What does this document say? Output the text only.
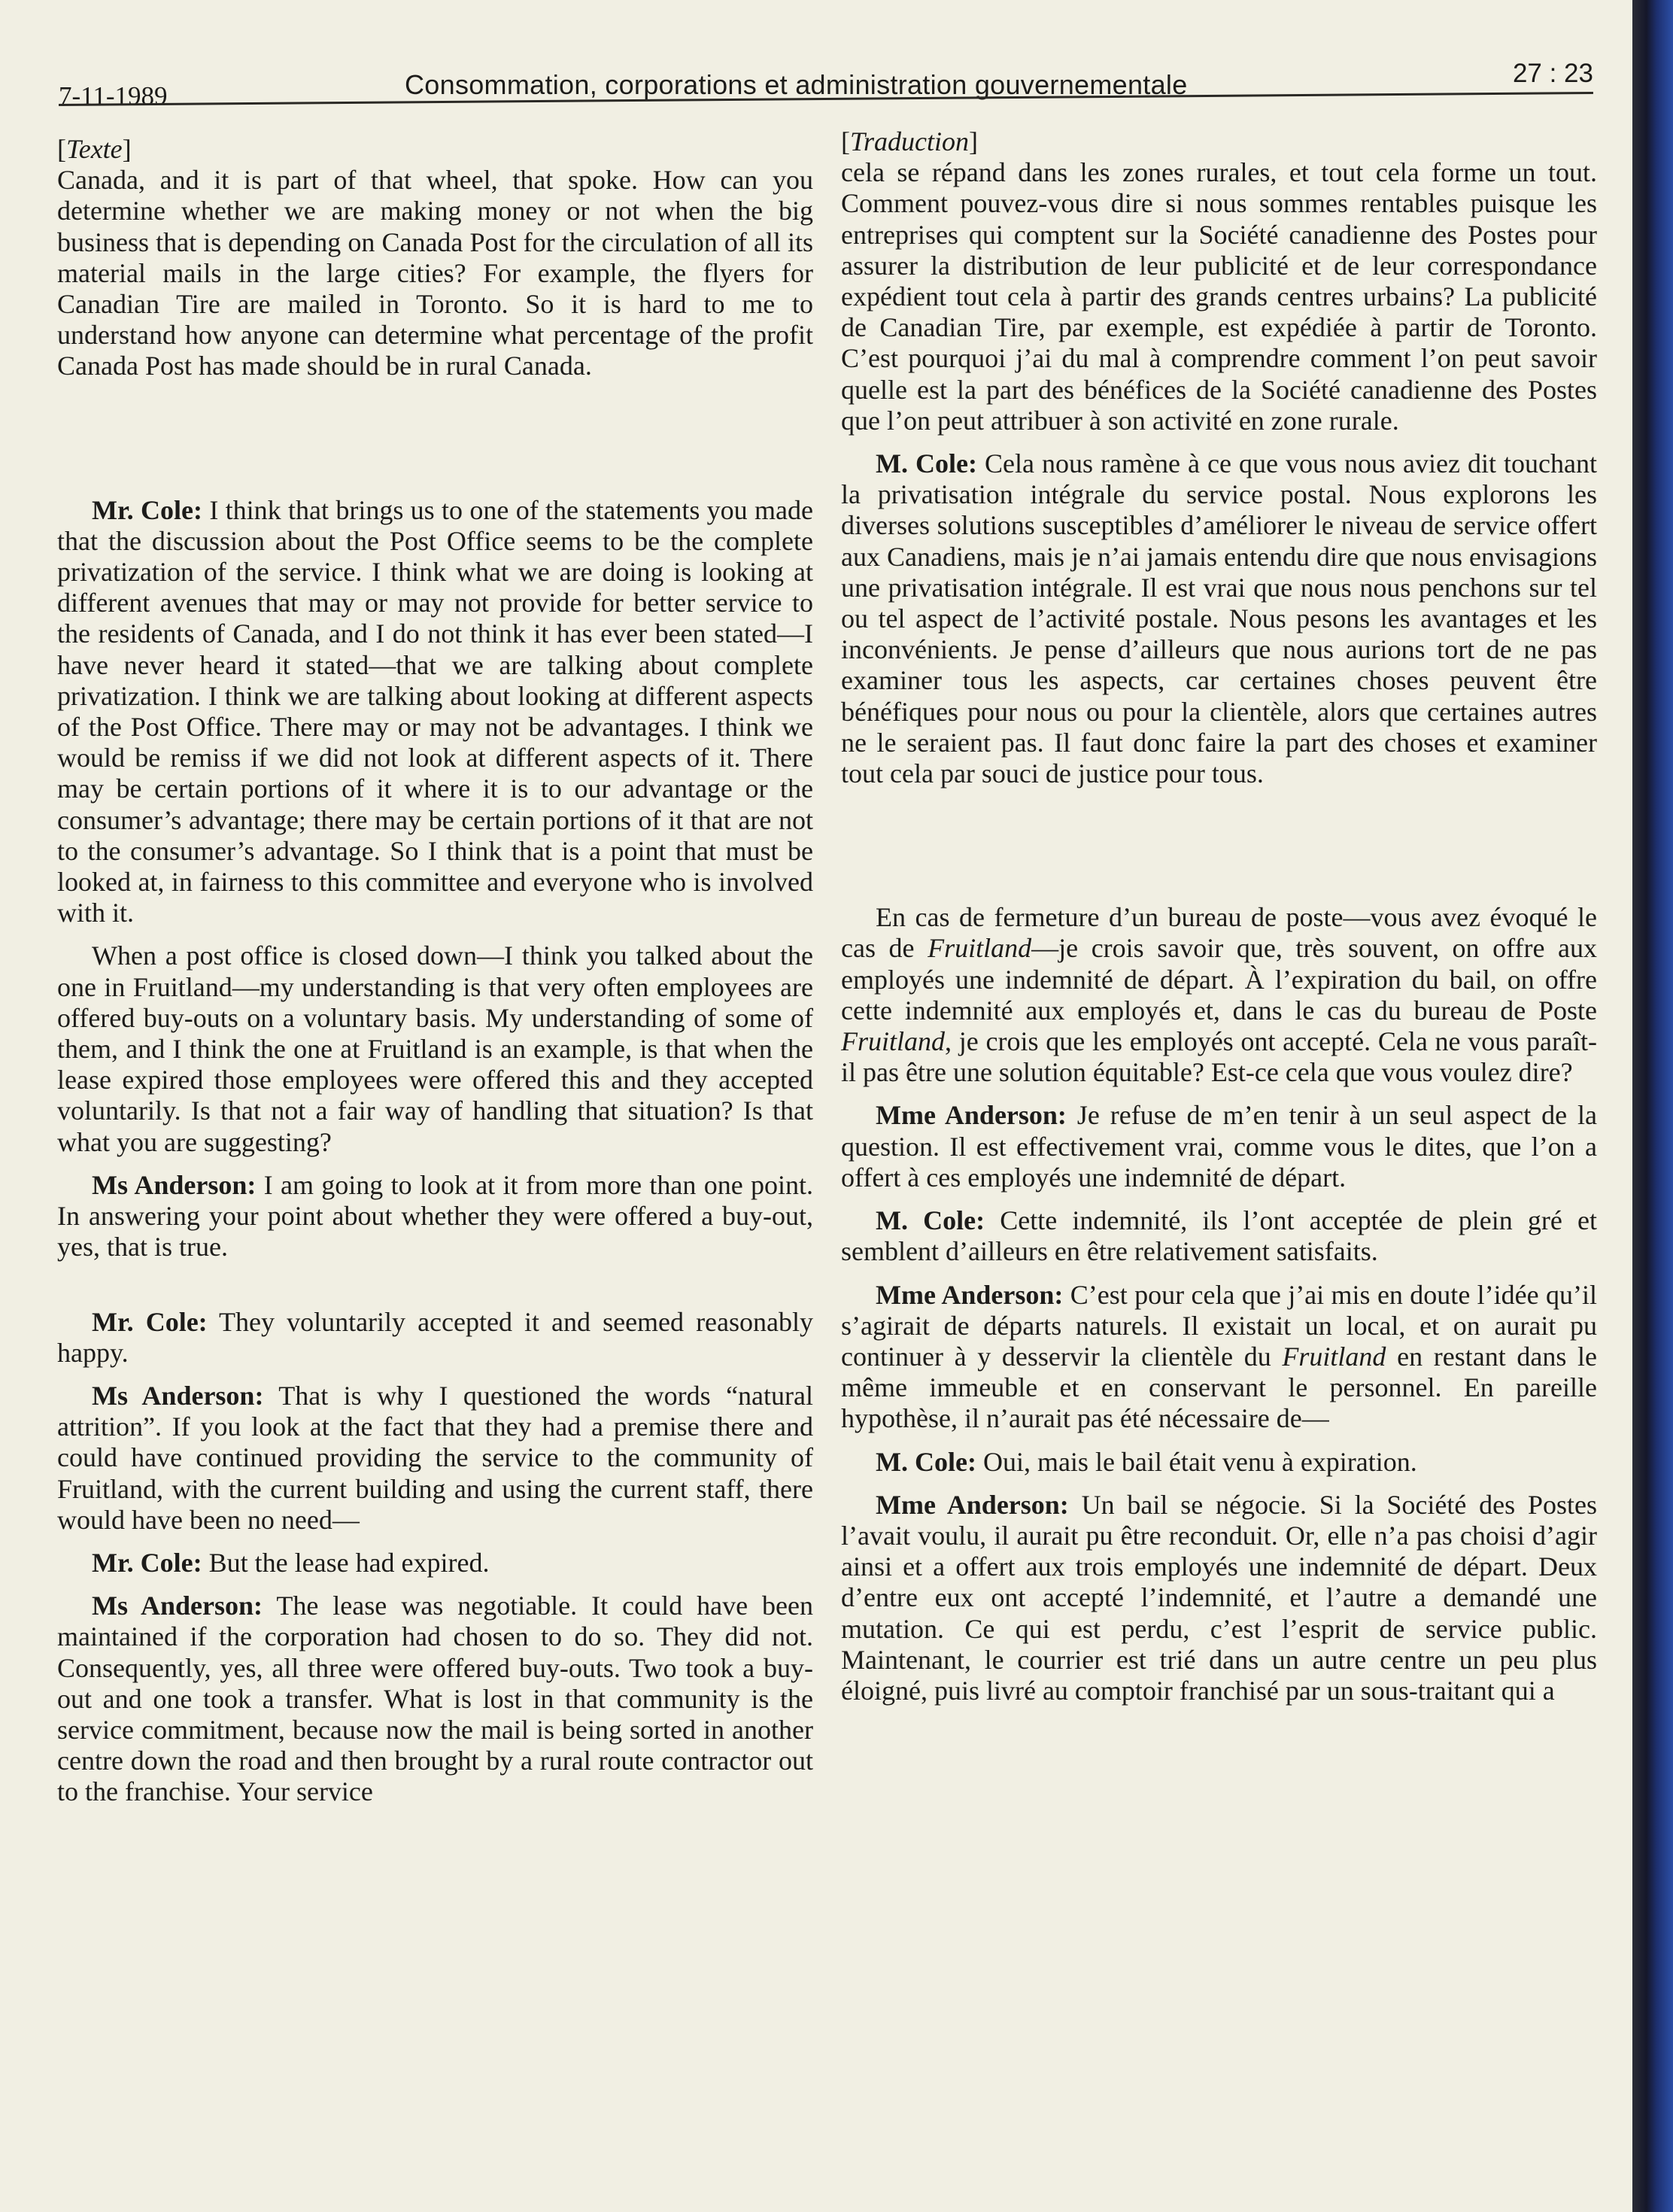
7-11-1989	Consommation, corporations et administration gouvernementale	27 : 23

[Texte]

Canada, and it is part of that wheel, that spoke. How can you determine whether we are making money or not when the big business that is depending on Canada Post for the circulation of all its material mails in the large cities? For example, the flyers for Canadian Tire are mailed in Toronto. So it is hard to me to understand how anyone can determine what percentage of the profit Canada Post has made should be in rural Canada.

Mr. Cole: I think that brings us to one of the statements you made that the discussion about the Post Office seems to be the complete privatization of the service. I think what we are doing is looking at different avenues that may or may not provide for better service to the residents of Canada, and I do not think it has ever been stated—I have never heard it stated—that we are talking about complete privatization. I think we are talking about looking at different aspects of the Post Office. There may or may not be advantages. I think we would be remiss if we did not look at different aspects of it. There may be certain portions of it where it is to our advantage or the consumer’s advantage; there may be certain portions of it that are not to the consumer’s advantage. So I think that is a point that must be looked at, in fairness to this committee and everyone who is involved with it.

When a post office is closed down—I think you talked about the one in Fruitland—my understanding is that very often employees are offered buy-outs on a voluntary basis. My understanding of some of them, and I think the one at Fruitland is an example, is that when the lease expired those employees were offered this and they accepted voluntarily. Is that not a fair way of handling that situation? Is that what you are suggesting?

Ms Anderson: I am going to look at it from more than one point. In answering your point about whether they were offered a buy-out, yes, that is true.

Mr. Cole: They voluntarily accepted it and seemed reasonably happy.

Ms Anderson: That is why I questioned the words “natural attrition”. If you look at the fact that they had a premise there and could have continued providing the service to the community of Fruitland, with the current building and using the current staff, there would have been no need—

Mr. Cole: But the lease had expired.

Ms Anderson: The lease was negotiable. It could have been maintained if the corporation had chosen to do so. They did not. Consequently, yes, all three were offered buy-outs. Two took a buy-out and one took a transfer. What is lost in that community is the service commitment, because now the mail is being sorted in another centre down the road and then brought by a rural route contractor out to the franchise. Your service

[Traduction]

cela se répand dans les zones rurales, et tout cela forme un tout. Comment pouvez-vous dire si nous sommes rentables puisque les entreprises qui comptent sur la Société canadienne des Postes pour assurer la distribution de leur publicité et de leur correspondance expédient tout cela à partir des grands centres urbains? La publicité de Canadian Tire, par exemple, est expédiée à partir de Toronto. C’est pourquoi j’ai du mal à comprendre comment l’on peut savoir quelle est la part des bénéfices de la Société canadienne des Postes que l’on peut attribuer à son activité en zone rurale.

M. Cole: Cela nous ramène à ce que vous nous aviez dit touchant la privatisation intégrale du service postal. Nous explorons les diverses solutions susceptibles d’améliorer le niveau de service offert aux Canadiens, mais je n’ai jamais entendu dire que nous envisagions une privatisation intégrale. Il est vrai que nous nous penchons sur tel ou tel aspect de l’activité postale. Nous pesons les avantages et les inconvénients. Je pense d’ailleurs que nous aurions tort de ne pas examiner tous les aspects, car certaines choses peuvent être bénéfiques pour nous ou pour la clientèle, alors que certaines autres ne le seraient pas. Il faut donc faire la part des choses et examiner tout cela par souci de justice pour tous.

En cas de fermeture d’un bureau de poste—vous avez évoqué le cas de Fruitland—je crois savoir que, très souvent, on offre aux employés une indemnité de départ. À l’expiration du bail, on offre cette indemnité aux employés et, dans le cas du bureau de Poste Fruitland, je crois que les employés ont accepté. Cela ne vous paraît-il pas être une solution équitable? Est-ce cela que vous voulez dire?

Mme Anderson: Je refuse de m’en tenir à un seul aspect de la question. Il est effectivement vrai, comme vous le dites, que l’on a offert à ces employés une indemnité de départ.

M. Cole: Cette indemnité, ils l’ont acceptée de plein gré et semblent d’ailleurs en être relativement satisfaits.

Mme Anderson: C’est pour cela que j’ai mis en doute l’idée qu’il s’agirait de départs naturels. Il existait un local, et on aurait pu continuer à y desservir la clientèle du Fruitland en restant dans le même immeuble et en conservant le personnel. En pareille hypothèse, il n’aurait pas été nécessaire de—

M. Cole: Oui, mais le bail était venu à expiration.

Mme Anderson: Un bail se négocie. Si la Société des Postes l’avait voulu, il aurait pu être reconduit. Or, elle n’a pas choisi d’agir ainsi et a offert aux trois employés une indemnité de départ. Deux d’entre eux ont accepté l’indemnité, et l’autre a demandé une mutation. Ce qui est perdu, c’est l’esprit de service public. Maintenant, le courrier est trié dans un autre centre un peu plus éloigné, puis livré au comptoir franchisé par un sous-traitant qui a
